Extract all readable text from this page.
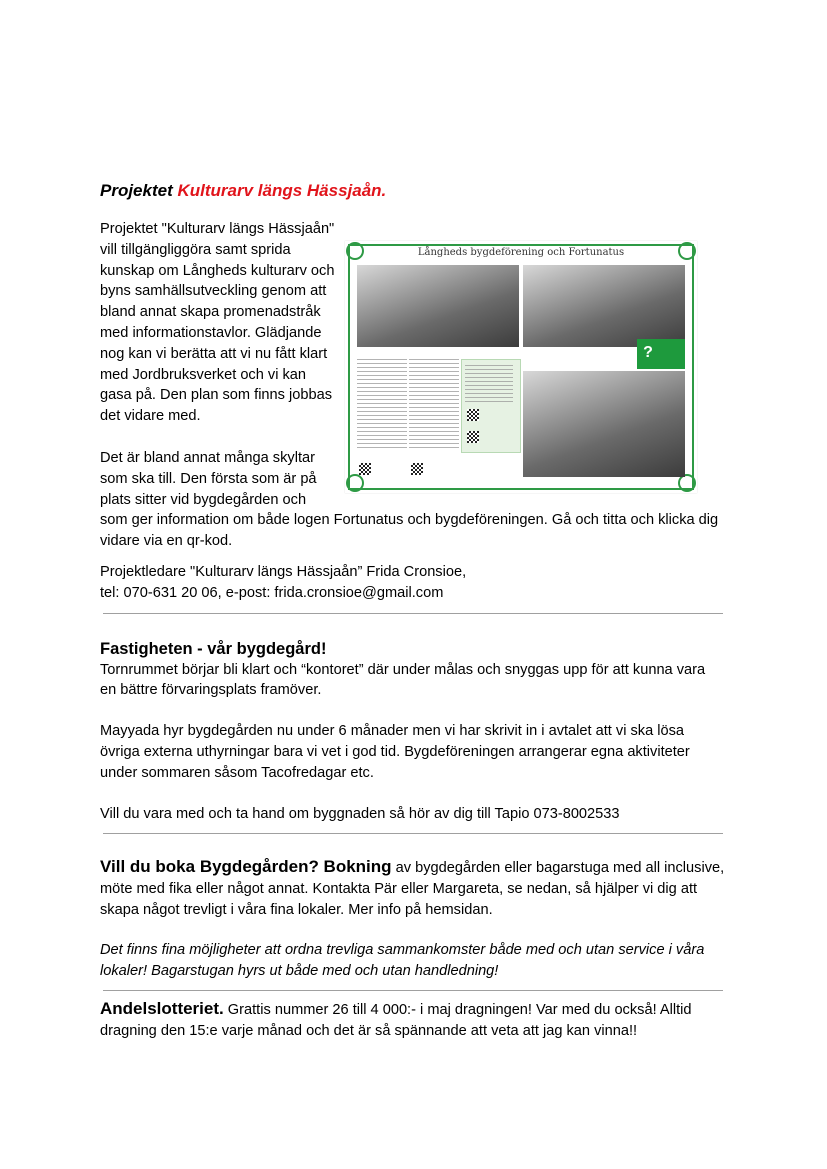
Projektet Kulturarv längs Hässjaån.
Långheds bygdeförening och Fortunatus
?

Projektet "Kulturarv längs Hässjaån" vill tillgängliggöra samt sprida kunskap om Långheds kulturarv och byns samhällsutveckling genom att bland annat skapa promenadstråk med informationstavlor. Glädjande nog kan vi berätta att vi nu fått klart med Jordbruksverket och vi kan gasa på. Den plan som finns jobbas det vidare med.

Det är bland annat många skyltar som ska till. Den första som är på plats sitter vid bygdegården och som ger information om både logen Fortunatus och bygdeföreningen. Gå och titta och klicka dig vidare via en qr-kod.

Projektledare "Kulturarv längs Hässjaån” Frida Cronsioe,

tel: 070-631 20 06, e-post: frida.cronsioe@gmail.com

Fastigheten - vår bygdegård!

Tornrummet börjar bli klart och “kontoret” där under målas och snyggas upp för att kunna vara en bättre förvaringsplats framöver.

Mayyada hyr bygdegården nu under 6 månader men vi har skrivit in i avtalet att vi ska lösa övriga externa uthyrningar bara vi vet i god tid. Bygdeföreningen arrangerar egna aktiviteter under sommaren såsom Tacofredagar etc.

Vill du vara med och ta hand om byggnaden så hör av dig till Tapio 073-8002533

Vill du boka Bygdegården? Bokning av bygdegården eller bagarstuga med all inclusive, möte med fika eller något annat. Kontakta Pär eller Margareta, se nedan, så hjälper vi dig att skapa något trevligt i våra fina lokaler. Mer info på hemsidan.

Det finns fina möjligheter att ordna trevliga sammankomster både med och utan service i våra lokaler! Bagarstugan hyrs ut både med och utan handledning!

Andelslotteriet. Grattis nummer 26 till 4 000:- i maj dragningen! Var med du också! Alltid dragning den 15:e varje månad och det är så spännande att veta att jag kan vinna!!
